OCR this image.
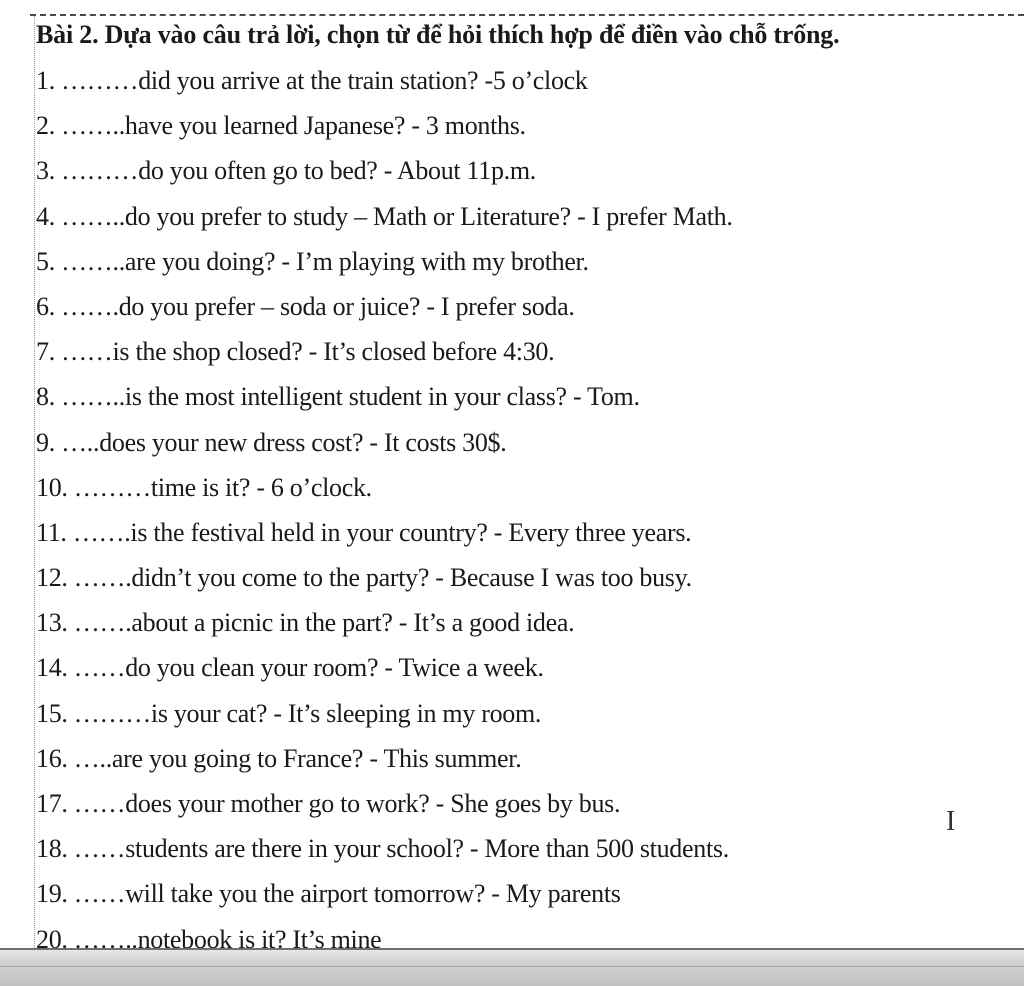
Bài 2. Dựa vào câu trả lời, chọn từ để hỏi thích hợp để điền vào chỗ trống.
1. ………did you arrive at the train station? -5 o’clock
2. ……..have you learned Japanese? - 3 months.
3. ………do you often go to bed? - About 11p.m.
4. ……..do you prefer to study – Math or Literature? - I prefer Math.
5. ……..are you doing? - I’m playing with my brother.
6. …….do you prefer – soda or juice? - I prefer soda.
7. ……is the shop closed? - It’s closed before 4:30.
8. ……..is the most intelligent student in your class? - Tom.
9. …..does your new dress cost? - It costs 30$.
10. ………time is it? - 6 o’clock.
11. …….is the festival held in your country? - Every three years.
12. …….didn’t you come to the party? - Because I was too busy.
13. …….about a picnic in the part? - It’s a good idea.
14. ……do you clean your room? - Twice a week.
15. ………is your cat? - It’s sleeping in my room.
16. …..are you going to France? - This summer.
17. ……does your mother go to work? - She goes by bus.
18. ……students are there in your school? - More than 500 students.
19. ……will take you the airport tomorrow? - My parents
20. ……..notebook is it? It’s mine
I
